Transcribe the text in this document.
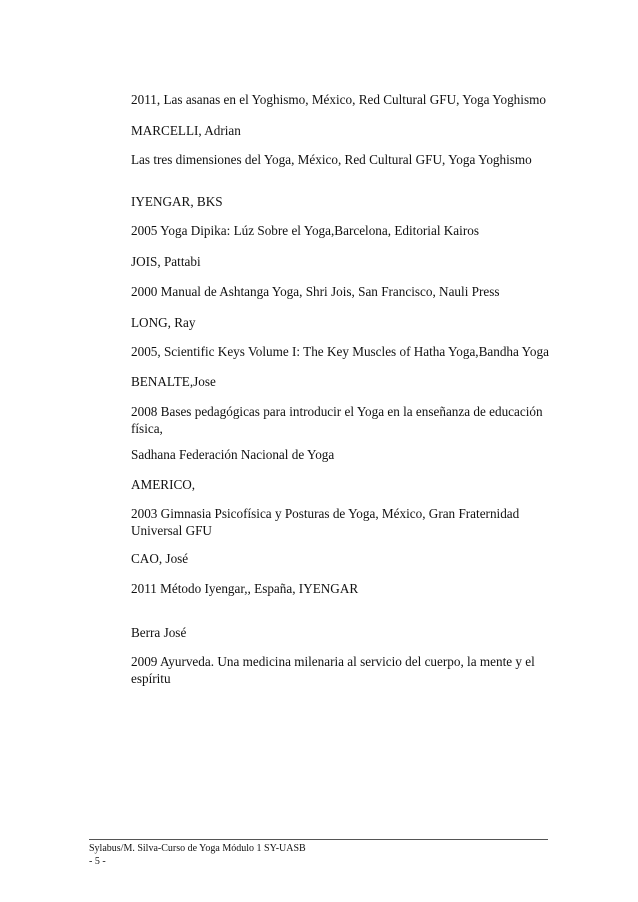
2011, Las asanas en el Yoghismo, México, Red Cultural GFU, Yoga Yoghismo
MARCELLI, Adrian
Las tres dimensiones del Yoga, México, Red Cultural GFU, Yoga Yoghismo
IYENGAR, BKS
2005 Yoga Dipika: Lúz Sobre el Yoga,Barcelona, Editorial Kairos
JOIS, Pattabi
2000 Manual de Ashtanga Yoga, Shri Jois, San Francisco, Nauli Press
LONG, Ray
2005, Scientific Keys Volume I: The Key Muscles of Hatha Yoga,Bandha Yoga
BENALTE,Jose
2008 Bases pedagógicas para introducir el Yoga en la enseñanza de educación física,
Sadhana Federación Nacional de Yoga
AMERICO,
2003 Gimnasia Psicofísica y Posturas de Yoga, México, Gran Fraternidad Universal GFU
CAO, José
2011 Método Iyengar,, España, IYENGAR
Berra José
2009 Ayurveda. Una medicina milenaria al servicio del cuerpo, la mente y el espíritu
Sylabus/M. Silva-Curso de Yoga Módulo 1 SY-UASB
- 5 -
